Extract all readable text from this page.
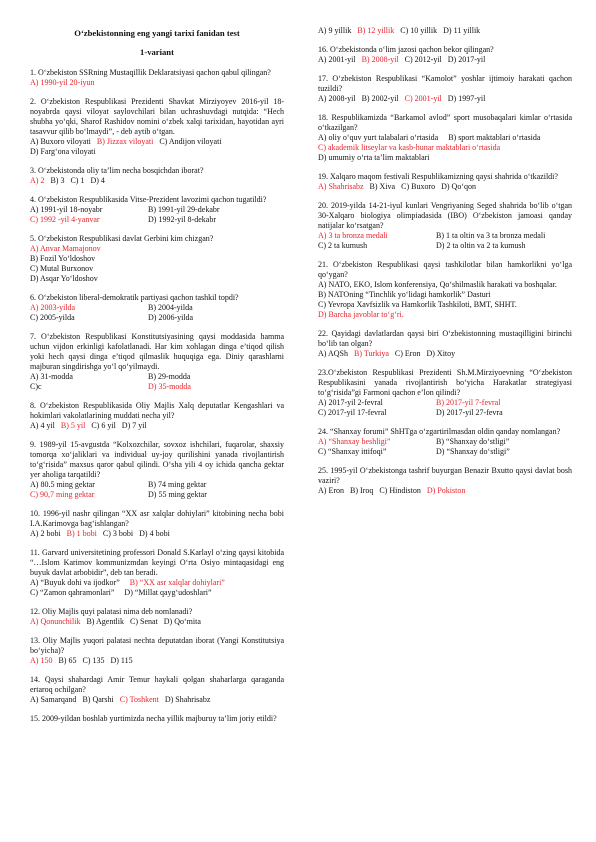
O‘zbekistonning eng yangi tarixi fanidan test
1-variant
1. O‘zbekiston SSRning Mustaqillik Deklaratsiyasi qachon qabul qilingan?
A) 1990-yil 20-iyun
2. O‘zbekiston Respublikasi Prezidenti Shavkat Mirziyoyev 2016-yil 18-noyabrda qaysi viloyat saylovchilari bilan uchrashuvdagi nutqida: “Hech shubha yo‘qki, Sharof Rashidov nomini o‘zbek xalqi tarixidan, hayotidan ayri tasavvur qilib bo‘lmaydi”, - deb aytib o‘tgan.
A) Buxoro viloyati B) Jizzax viloyati C) Andijon viloyati
D) Farg‘ona viloyati
3. O‘zbekistonda oliy ta’lim necha bosqichdan iborat?
A) 2 B) 3 C) 1 D) 4
4. O‘zbekiston Respublikasida Vitse-Prezident lavozimi qachon tugatildi?
A) 1991-yil 18-noyabr	B) 1991-yil 29-dekabr
C) 1992 -yil 4-yanvar	D) 1992-yil 8-dekabr
5. O‘zbekiston Respublikasi davlat Gerbini kim chizgan?
A) Anvar Mamajonov
B) Fozil Yo‘ldoshov
C) Mutal Burxonov
D) Asqar Yo‘ldoshov
6. O‘zbekiston liberal-demokratik partiyasi qachon tashkil topdi?
A) 2003-yilda	B) 2004-yilda
C) 2005-yilda	D) 2006-yilda
7. O‘zbekiston Respublikasi Konstitutsiyasining qaysi moddasida hamma uchun vijdon erkinligi kafolatlanadi. Har kim xohlagan dinga e’tiqod qilish yoki hech qaysi dinga e’tiqod qilmaslik huquqiga ega. Diniy qarashlarni majburan singdirishga yo‘l qo‘yilmaydi.
A) 31-modda	B) 29-modda
C)c	D) 35-modda
8. O‘zbekiston Respublikasida Oliy Majlis Xalq deputatlar Kengashlari va hokimlari vakolatlarining muddati necha yil?
A) 4 yil B) 5 yil C) 6 yil D) 7 yil
9. 1989-yil 15-avgustda “Kolxozchilar, sovxoz ishchilari, fuqarolar, shaxsiy tomorqa xo‘jaliklari va individual uy-joy qurilishini yanada rivojlantirish to‘g‘risida” maxsus qaror qabul qilindi. O‘sha yili 4 oy ichida qancha gektar yer aholiga tarqatildi?
A) 80.5 ming gektar	B) 74 ming gektar
C) 90,7 ming gektar	D) 55 ming gektar
10. 1996-yil nashr qilingan “XX asr xalqlar dohiylari” kitobining necha bobi I.A.Karimovga bag‘ishlangan?
A) 2 bobi B) 1 bobi C) 3 bobi D) 4 bobi
11. Garvard universitetining professori Donald S.Karlayl o‘zing qaysi kitobida “…Islom Karimov kommunizmdan keyingi O‘rta Osiyo mintaqasidagi eng buyuk davlat arbobidir”, deb tan beradi.
A) “Buyuk dohi va ijodkor” B) “XX asr xalqlar dohiylari”
C) “Zamon qahramonlari” D) “Millat qayg‘udoshlari”
12. Oliy Majlis quyi palatasi nima deb nomlanadi?
A) Qonunchilik B) Agentlik C) Senat D) Qo‘mita
13. Oliy Majlis yuqori palatasi nechta deputatdan iborat (Yangi Konstitutsiya bo‘yicha)?
A) 150 B) 65 C) 135 D) 115
14. Qaysi shahardagi Amir Temur haykali qolgan shaharlarga qaraganda ertaroq ochilgan?
A) Samarqand B) Qarshi C) Toshkent D) Shahrisabz
15. 2009-yildan boshlab yurtimizda necha yillik majburuy ta’lim joriy etildi?
A) 9 yillik B) 12 yillik C) 10 yillik D) 11 yillik
16. O‘zbekistonda o‘lim jazosi qachon bekor qilingan?
A) 2001-yil B) 2008-yil C) 2012-yil D) 2017-yil
17. O‘zbekiston Respublikasi “Kamolot” yoshlar ijtimoiy harakati qachon tuzildi?
A) 2008-yil B) 2002-yil C) 2001-yil D) 1997-yil
18. Respublikamizda “Barkamol avlod” sport musobaqalari kimlar o‘rtasida o‘tkazilgan?
A) oliy o‘quv yurt talabalari o‘rtasida B) sport maktablari o‘rtasida
C) akademik litseylar va kasb-hunar maktablari o‘rtasida
D) umumiy o‘rta ta’lim maktablari
19. Xalqaro maqom festivali Respublikamizning qaysi shahrida o‘tkazildi?
A) Shahrisabz B) Xiva C) Buxoro D) Qo‘qon
20. 2019-yilda 14-21-iyul kunlari Vengriyaning Seged shahrida bo‘lib o‘tgan 30-Xalqaro biologiya olimpiadasida (IBO) O‘zbekiston jamoasi qanday natijalar ko‘rsatgan?
A) 3 ta bronza medali	B) 1 ta oltin va 3 ta bronza medali
C) 2 ta kumush	D) 2 ta oltin va 2 ta kumush
21. O‘zbekiston Respublikasi qaysi tashkilotlar bilan hamkorlikni yo‘lga qo‘ygan?
A) NATO, EKO, Islom konferensiya, Qo‘shilmaslik harakati va boshqalar.
B) NATOning “Tinchlik yo‘lidagi hamkorlik” Dasturi
C) Yevropa Xavfsizlik va Hamkorlik Tashkiloti, BMT, SHHT.
D) Barcha javoblar to‘g‘ri.
22. Qayidagi davlatlardan qaysi biri O‘zbekistonning mustaqilligini birinchi bo‘lib tan olgan?
A) AQSh B) Turkiya C) Eron D) Xitoy
23.O‘zbekiston Respublikasi Prezidenti Sh.M.Mirziyoevning “O‘zbekiston Respublikasini yanada rivojlantirish bo‘yicha Harakatlar strategiyasi to‘g‘risida”gi Farmoni qachon e’lon qilindi?
A) 2017-yil 2-fevral	B) 2017-yil 7-fevral
C) 2017-yil 17-fevral	D) 2017-yil 27-fevra
24. “Shanxay forumi” ShHTga o‘zgartirilmasdan oldin qanday nomlangan?
A) “Shanxay beshligi”	B) “Shanxay do‘stligi”
C) “Shanxay ittifoqi”	D) “Shanxay do‘stligi”
25. 1995-yil O‘zbekistonga tashrif buyurgan Benazir Bxutto qaysi davlat bosh vaziri?
A) Eron B) Iroq C) Hindiston D) Pokiston
